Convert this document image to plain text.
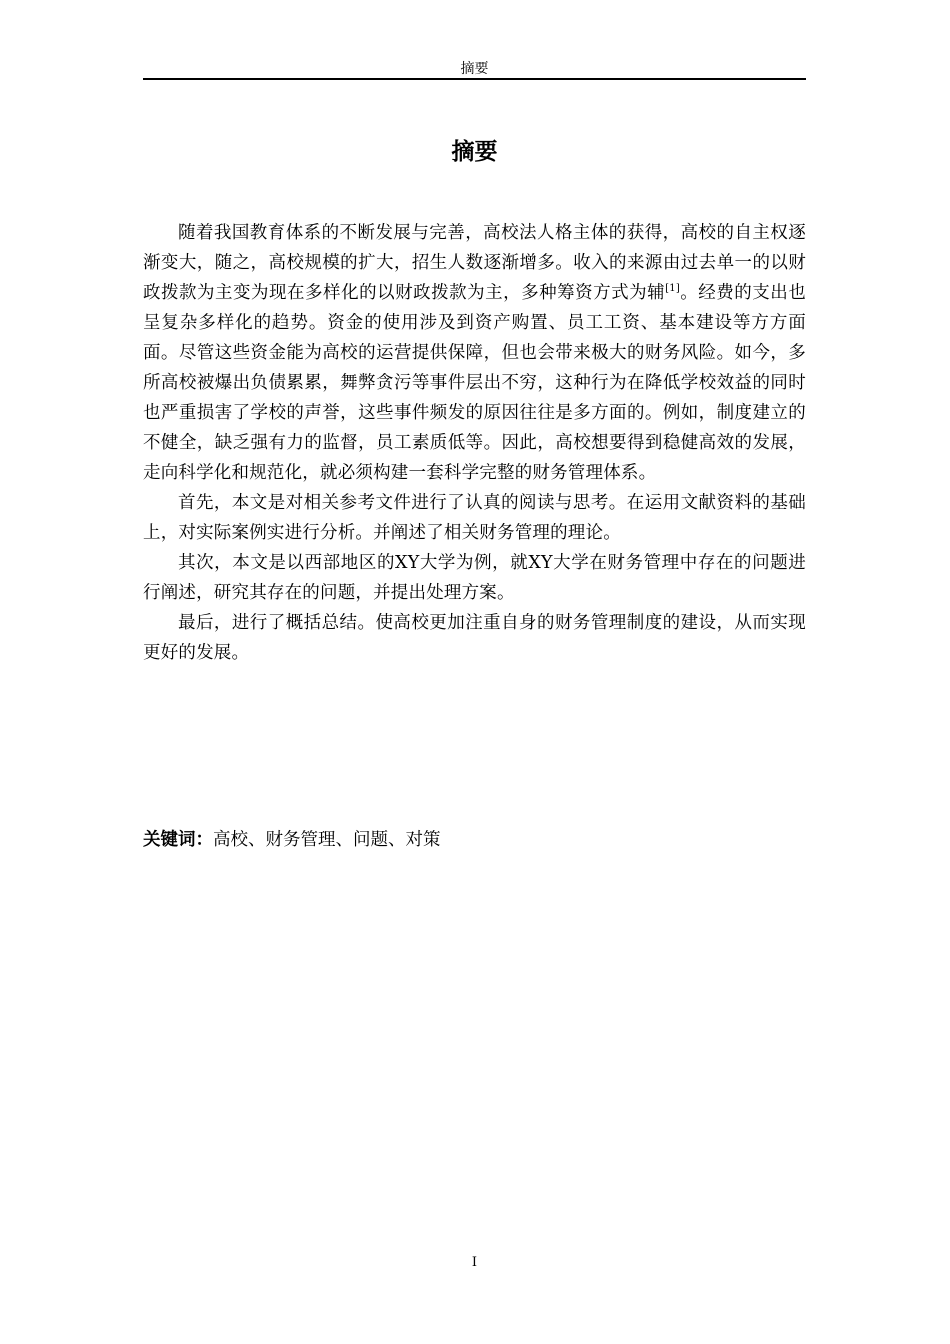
摘要
摘要

随着我国教育体系的不断发展与完善，高校法人格主体的获得，高校的自主权逐渐变大，随之，高校规模的扩大，招生人数逐渐增多。收入的来源由过去单一的以财政拨款为主变为现在多样化的以财政拨款为主，多种筹资方式为辅[1]。经费的支出也呈复杂多样化的趋势。资金的使用涉及到资产购置、员工工资、基本建设等方方面面。尽管这些资金能为高校的运营提供保障，但也会带来极大的财务风险。如今，多所高校被爆出负债累累，舞弊贪污等事件层出不穷，这种行为在降低学校效益的同时也严重损害了学校的声誉，这些事件频发的原因往往是多方面的。例如，制度建立的不健全，缺乏强有力的监督，员工素质低等。因此，高校想要得到稳健高效的发展，走向科学化和规范化，就必须构建一套科学完整的财务管理体系。

首先，本文是对相关参考文件进行了认真的阅读与思考。在运用文献资料的基础上，对实际案例实进行分析。并阐述了相关财务管理的理论。

其次，本文是以西部地区的XY大学为例，就XY大学在财务管理中存在的问题进行阐述，研究其存在的问题，并提出处理方案。

最后，进行了概括总结。使高校更加注重自身的财务管理制度的建设，从而实现更好的发展。

关键词：高校、财务管理、问题、对策
I
